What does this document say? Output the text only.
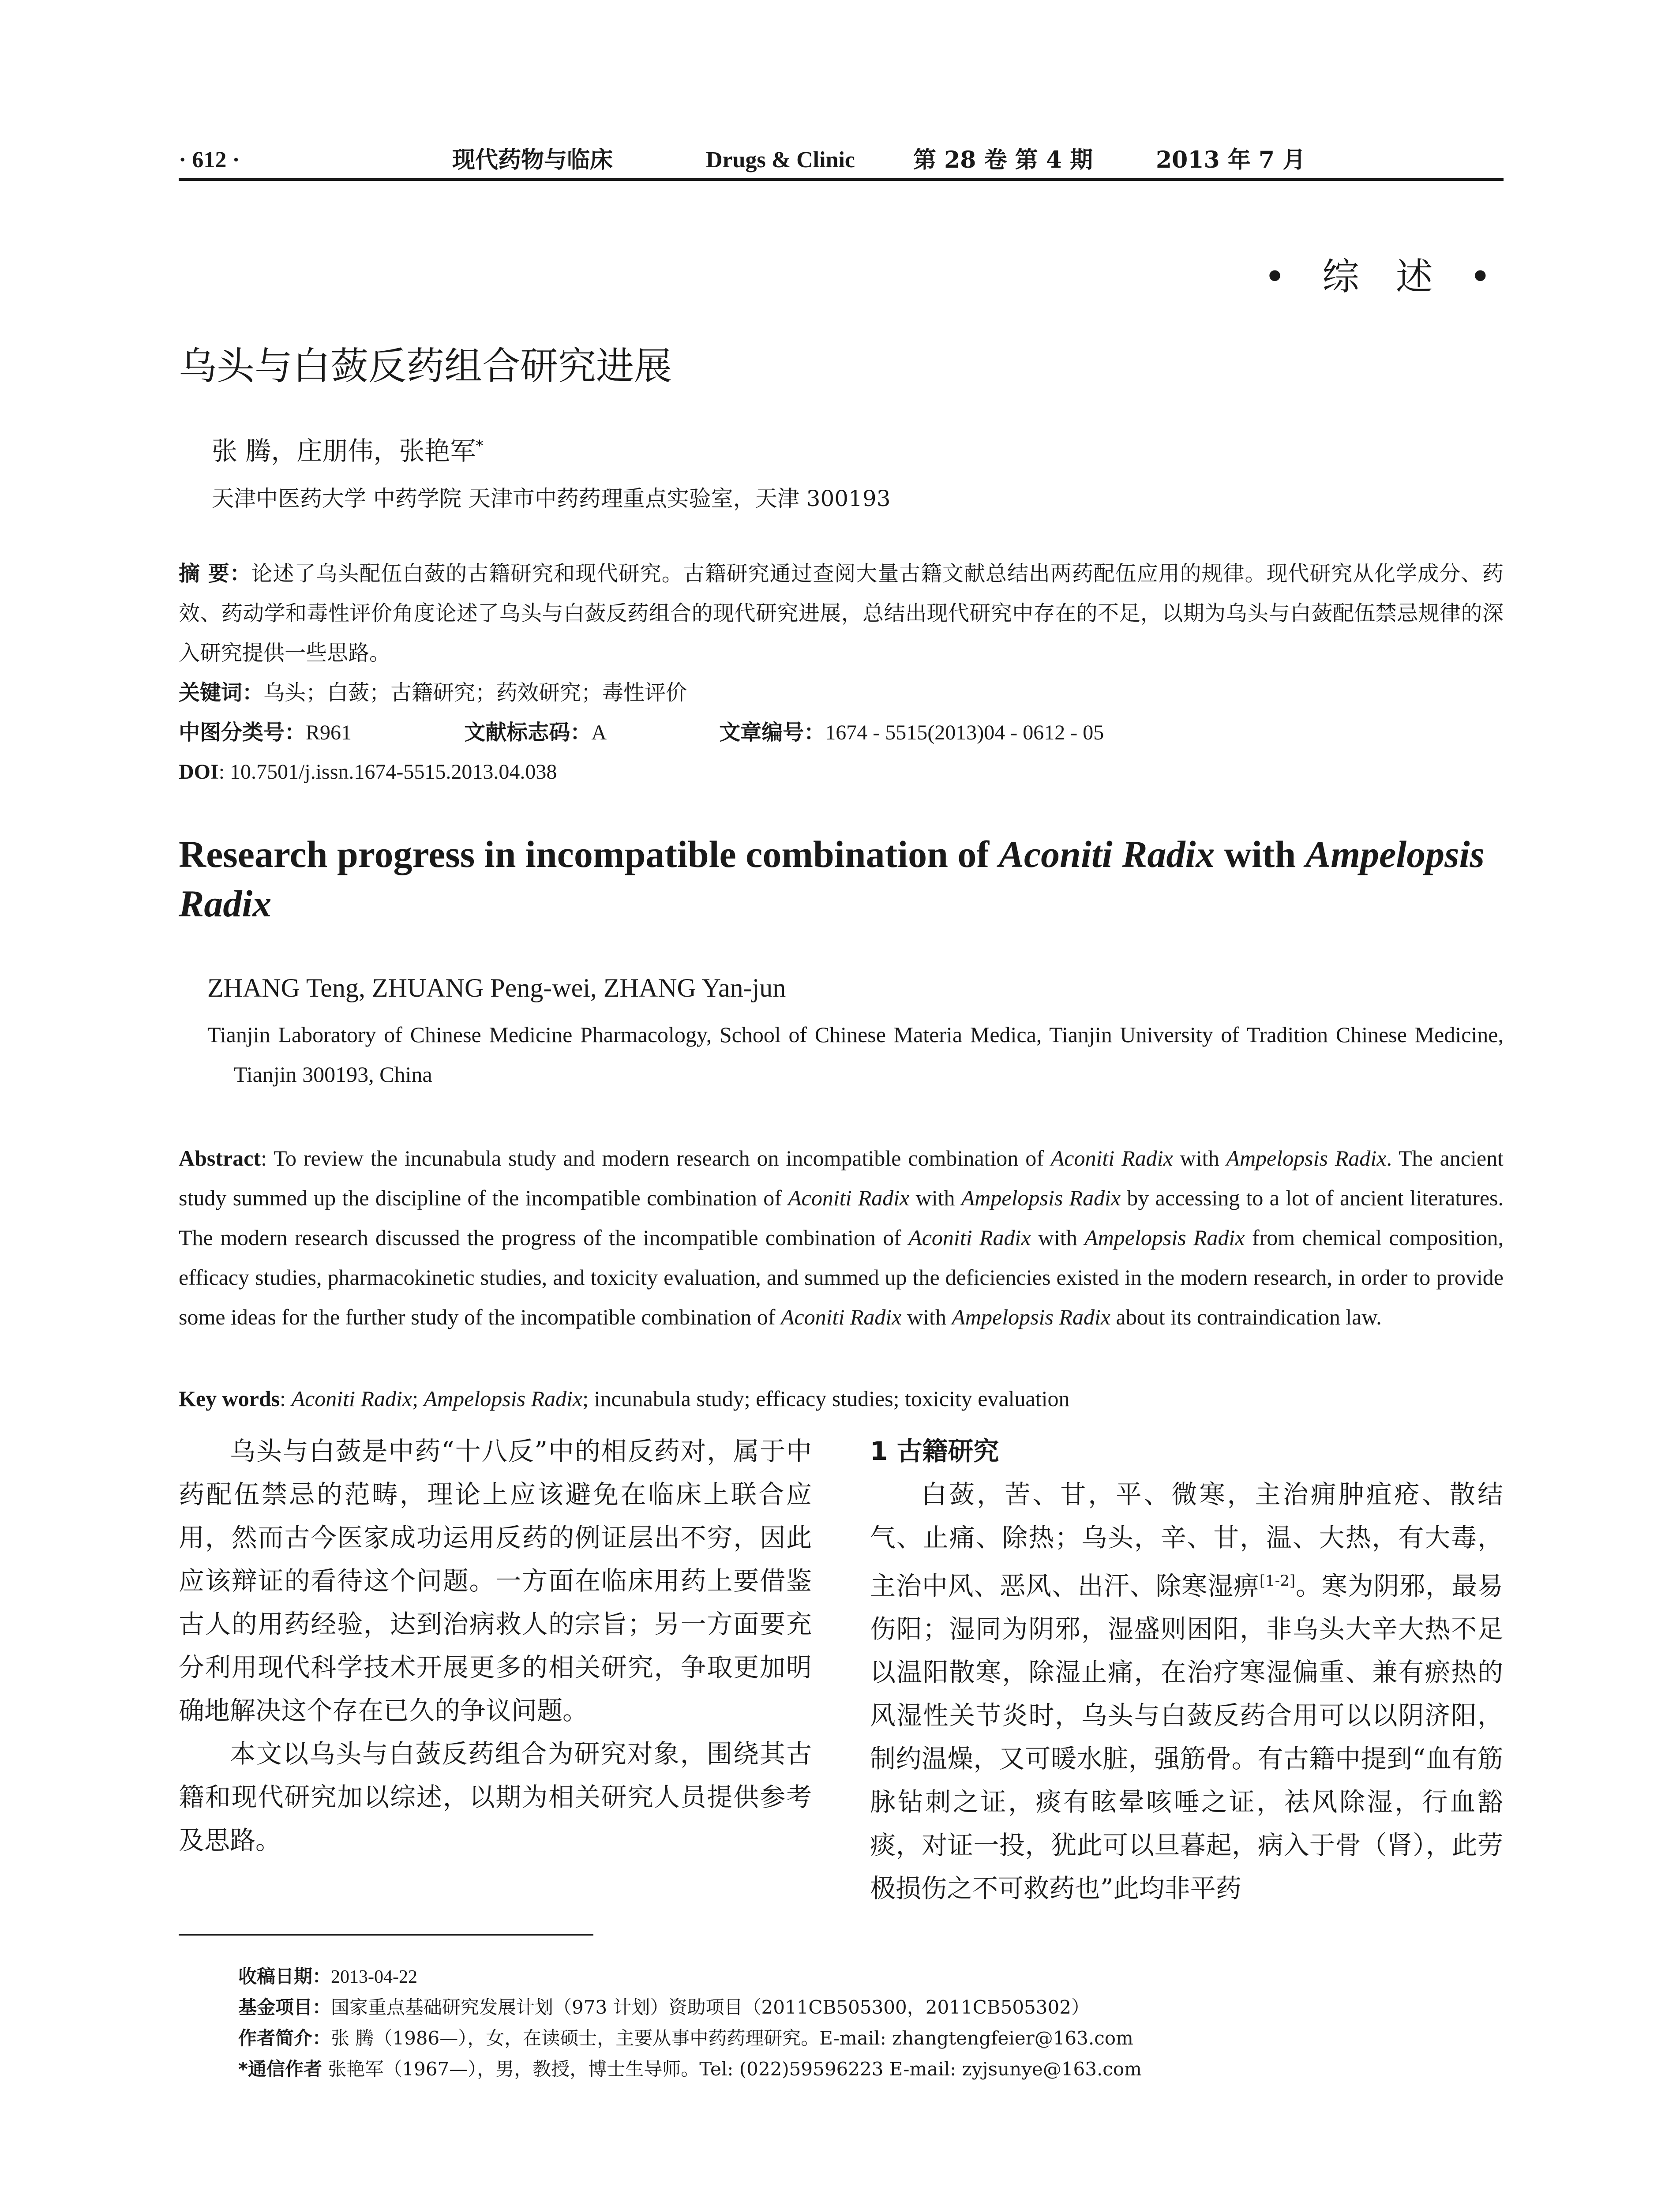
· 612 ·	现代药物与临床	Drugs & Clinic	第 28 卷 第 4 期	2013 年 7 月
• 综 述 •
乌头与白蔹反药组合研究进展
张 腾，庄朋伟，张艳军*
天津中医药大学 中药学院 天津市中药药理重点实验室，天津 300193
摘 要：论述了乌头配伍白蔹的古籍研究和现代研究。古籍研究通过查阅大量古籍文献总结出两药配伍应用的规律。现代研究从化学成分、药效、药动学和毒性评价角度论述了乌头与白蔹反药组合的现代研究进展，总结出现代研究中存在的不足，以期为乌头与白蔹配伍禁忌规律的深入研究提供一些思路。
关键词：乌头；白蔹；古籍研究；药效研究；毒性评价
中图分类号：R961	文献标志码：A	文章编号：1674 - 5515(2013)04 - 0612 - 05
DOI: 10.7501/j.issn.1674-5515.2013.04.038
Research progress in incompatible combination of Aconiti Radix with Ampelopsis Radix
ZHANG Teng, ZHUANG Peng-wei, ZHANG Yan-jun
Tianjin Laboratory of Chinese Medicine Pharmacology, School of Chinese Materia Medica, Tianjin University of Tradition Chinese Medicine, Tianjin 300193, China
Abstract: To review the incunabula study and modern research on incompatible combination of Aconiti Radix with Ampelopsis Radix. The ancient study summed up the discipline of the incompatible combination of Aconiti Radix with Ampelopsis Radix by accessing to a lot of ancient literatures. The modern research discussed the progress of the incompatible combination of Aconiti Radix with Ampelopsis Radix from chemical composition, efficacy studies, pharmacokinetic studies, and toxicity evaluation, and summed up the deficiencies existed in the modern research, in order to provide some ideas for the further study of the incompatible combination of Aconiti Radix with Ampelopsis Radix about its contraindication law.
Key words: Aconiti Radix; Ampelopsis Radix; incunabula study; efficacy studies; toxicity evaluation

乌头与白蔹是中药“十八反”中的相反药对，属于中药配伍禁忌的范畴，理论上应该避免在临床上联合应用，然而古今医家成功运用反药的例证层出不穷，因此应该辩证的看待这个问题。一方面在临床用药上要借鉴古人的用药经验，达到治病救人的宗旨；另一方面要充分利用现代科学技术开展更多的相关研究，争取更加明确地解决这个存在已久的争议问题。

本文以乌头与白蔹反药组合为研究对象，围绕其古籍和现代研究加以综述，以期为相关研究人员提供参考及思路。

1 古籍研究

白蔹，苦、甘，平、微寒，主治痈肿疽疮、散结气、止痛、除热；乌头，辛、甘，温、大热，有大毒，主治中风、恶风、出汗、除寒湿痹[1-2]。寒为阴邪，最易伤阳；湿同为阴邪，湿盛则困阳，非乌头大辛大热不足以温阳散寒，除湿止痛，在治疗寒湿偏重、兼有瘀热的风湿性关节炎时，乌头与白蔹反药合用可以以阴济阳，制约温燥，又可暖水脏，强筋骨。有古籍中提到“血有筋脉钻刺之证，痰有眩晕咳唾之证，祛风除湿，行血豁痰，对证一投，犹此可以旦暮起，病入于骨（肾），此劳极损伤之不可救药也”此均非平药

收稿日期：2013-04-22
基金项目：国家重点基础研究发展计划（973 计划）资助项目（2011CB505300，2011CB505302）
作者简介：张 腾（1986—），女，在读硕士，主要从事中药药理研究。E-mail: zhangtengfeier@163.com
*通信作者 张艳军（1967—），男，教授，博士生导师。Tel: (022)59596223 E-mail: zyjsunye@163.com
